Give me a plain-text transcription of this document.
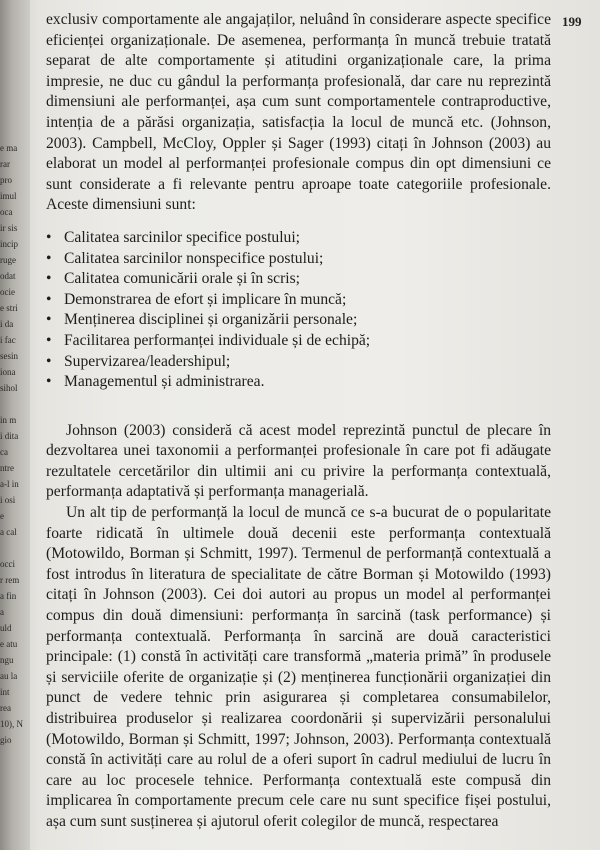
e ma
rar
pro
imul
oca
ir sis
incip
ruge
odat
ocie
e stri
i da
i fac
sesin
iona
sihol

in m
i dita
ca
ntre
a-l in
i osi
e
a cal

occi
r rem
a fin
a
uld
e atu
ngu
au la
int
rea
10), N
gio
199

exclusiv comportamente ale angajaților, neluând în considerare aspecte specifice eficienței organizaționale. De asemenea, performanța în muncă trebuie tratată separat de alte comportamente și atitudini organizaționale care, la prima impresie, ne duc cu gândul la performanța profesională, dar care nu reprezintă dimensiuni ale performanței, așa cum sunt comportamentele contraproductive, intenția de a părăsi organizația, satisfacția la locul de muncă etc. (Johnson, 2003). Campbell, McCloy, Oppler și Sager (1993) citați în Johnson (2003) au elaborat un model al performanței profesionale compus din opt dimensiuni ce sunt considerate a fi relevante pentru aproape toate categoriile profesionale. Aceste dimensiuni sunt:

• Calitatea sarcinilor specifice postului;
• Calitatea sarcinilor nonspecifice postului;
• Calitatea comunicării orale și în scris;
• Demonstrarea de efort și implicare în muncă;
• Menținerea disciplinei și organizării personale;
• Facilitarea performanței individuale și de echipă;
• Supervizarea/leadershipul;
• Managementul și administrarea.

Johnson (2003) consideră că acest model reprezintă punctul de plecare în dezvoltarea unei taxonomii a performanței profesionale în care pot fi adăugate rezultatele cercetărilor din ultimii ani cu privire la performanța contextuală, performanța adaptativă și performanța managerială.

Un alt tip de performanță la locul de muncă ce s-a bucurat de o popularitate foarte ridicată în ultimele două decenii este performanța contextuală (Motowildo, Borman și Schmitt, 1997). Termenul de performanță contextuală a fost introdus în literatura de specialitate de către Borman și Motowildo (1993) citați în Johnson (2003). Cei doi autori au propus un model al performanței compus din două dimensiuni: performanța în sarcină (task performance) și performanța contextuală. Performanța în sarcină are două caracteristici principale: (1) constă în activități care transformă „materia primă” în produsele și serviciile oferite de organizație și (2) menținerea funcționării organizației din punct de vedere tehnic prin asigurarea și completarea consumabilelor, distribuirea produselor și realizarea coordonării și supervizării personalului (Motowildo, Borman și Schmitt, 1997; Johnson, 2003). Performanța contextuală constă în activități care au rolul de a oferi suport în cadrul mediului de lucru în care au loc procesele tehnice. Performanța contextuală este compusă din implicarea în comportamente precum cele care nu sunt specifice fișei postului, așa cum sunt susținerea și ajutorul oferit colegilor de muncă, respectarea
